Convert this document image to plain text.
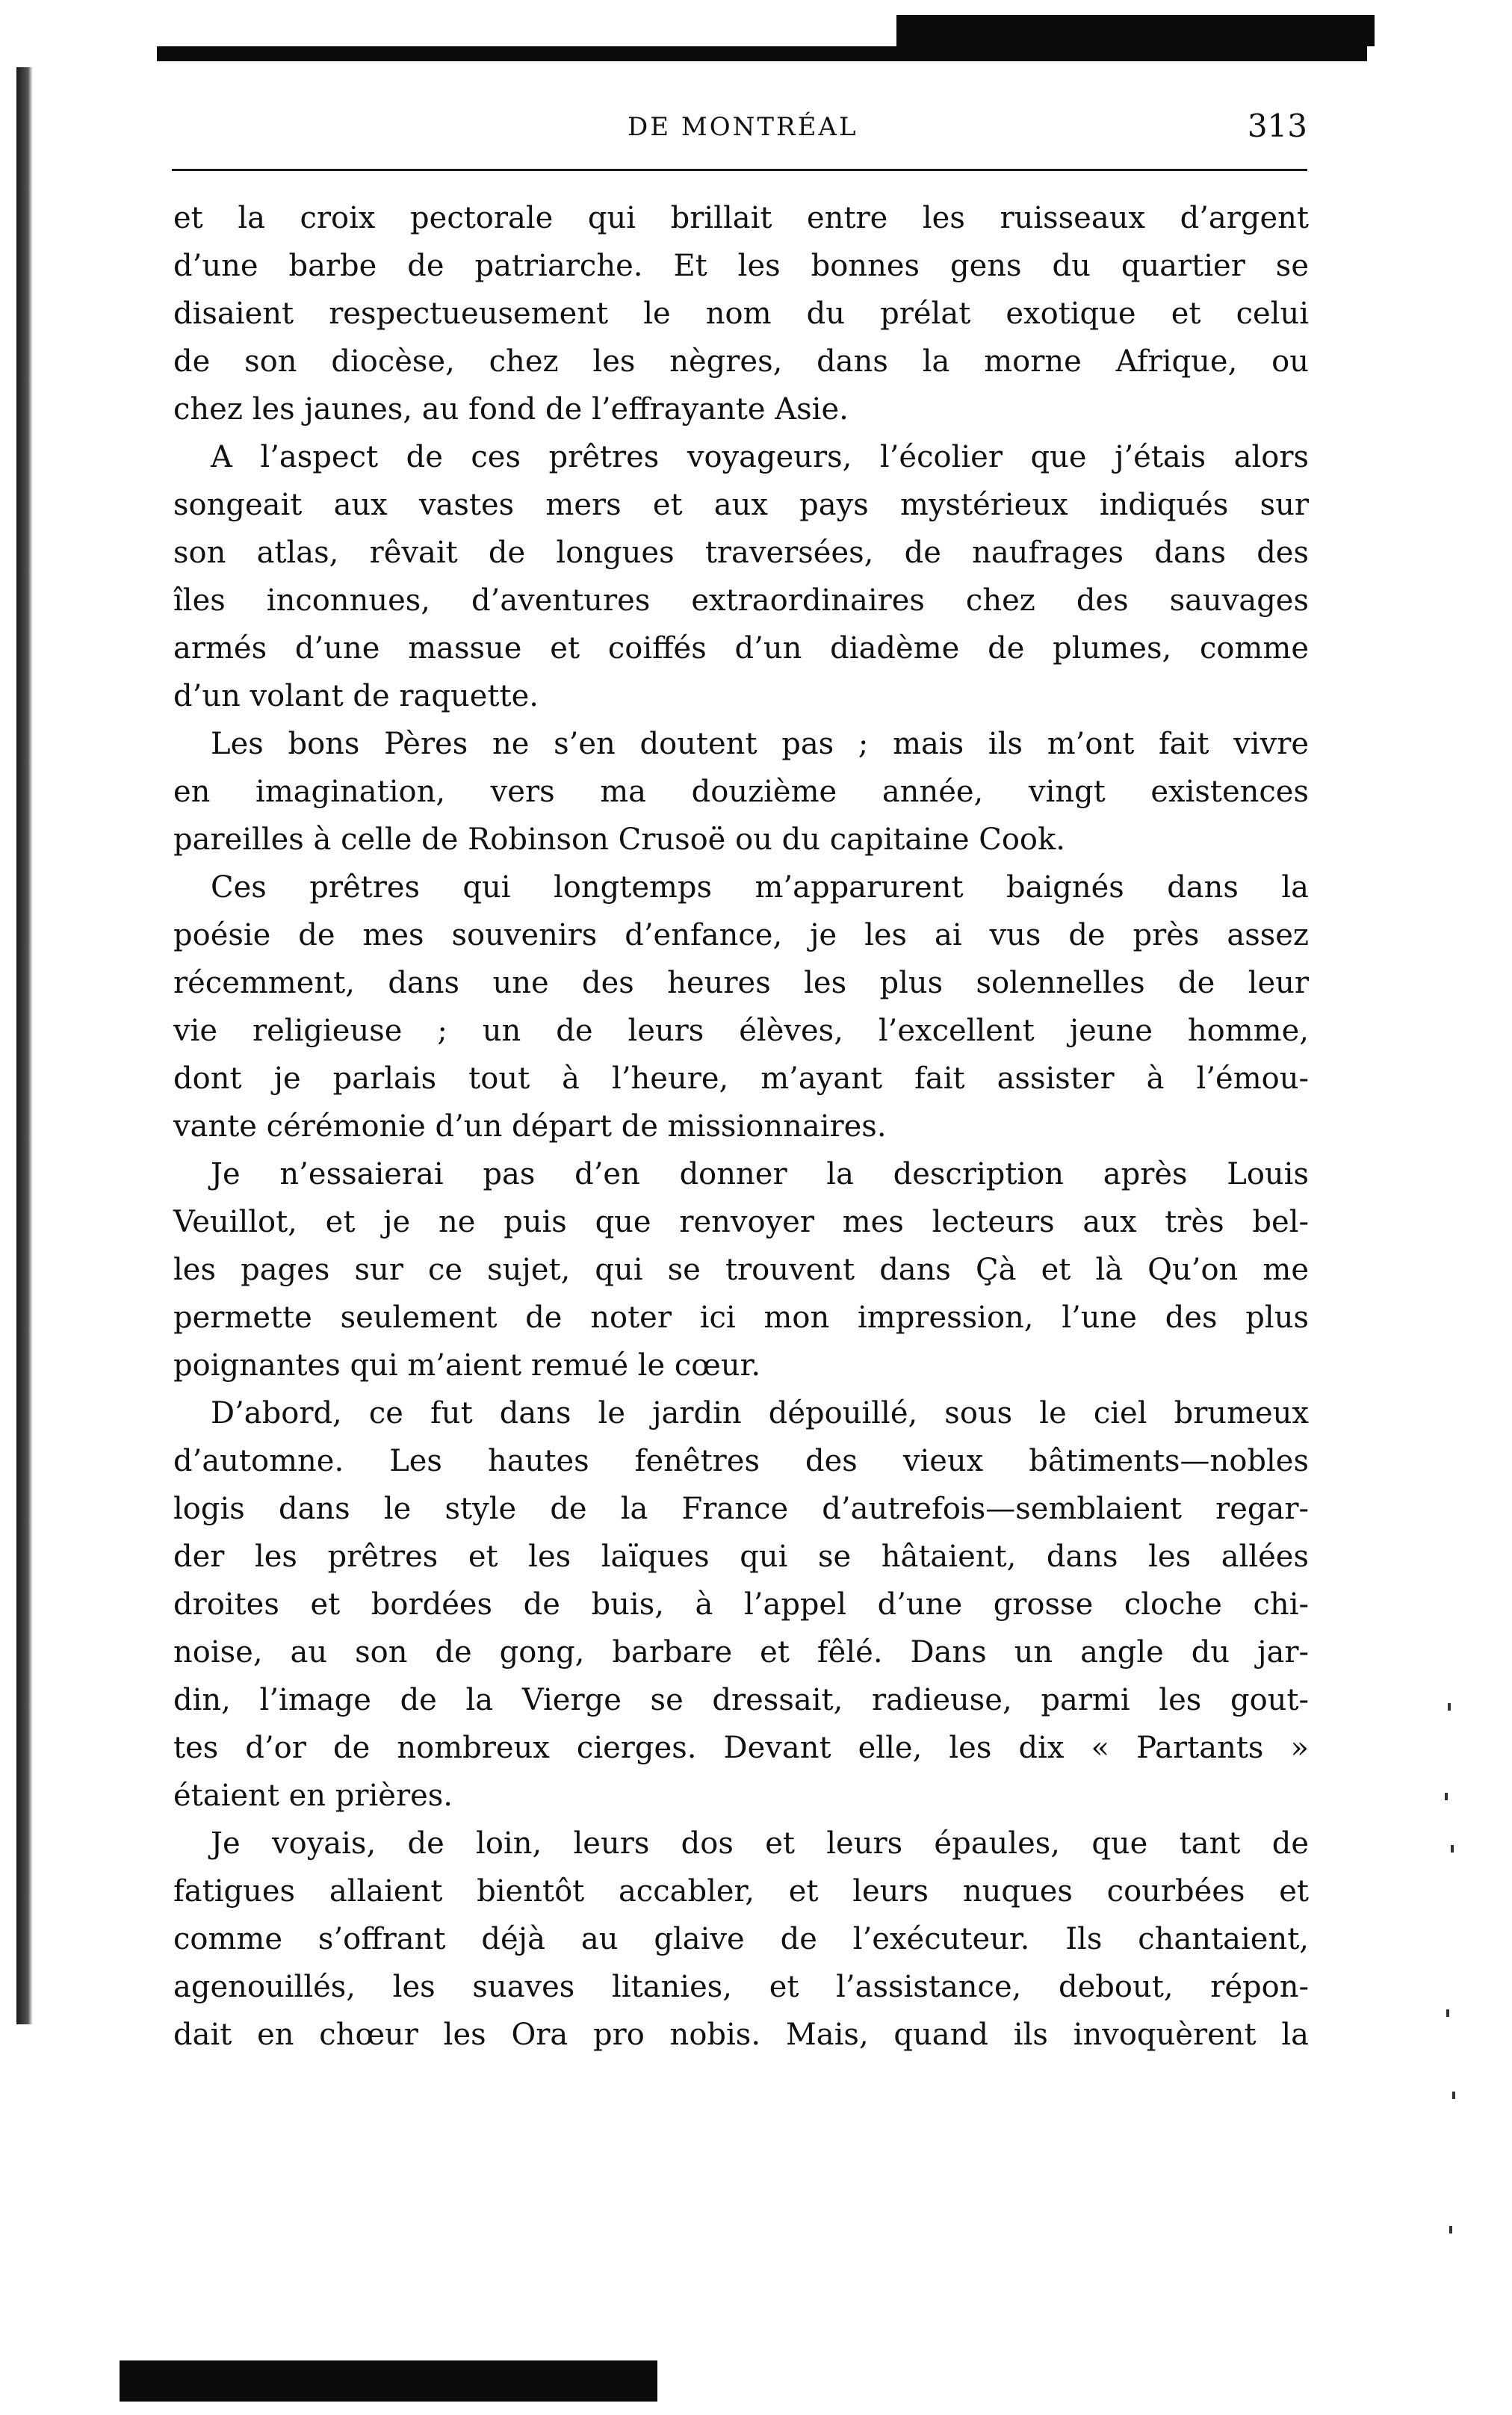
DE MONTRÉAL	313
et la croix pectorale qui brillait entre les ruisseaux d’argent
d’une barbe de patriarche. Et les bonnes gens du quartier se
disaient respectueusement le nom du prélat exotique et celui
de son diocèse, chez les nègres, dans la morne Afrique, ou
chez les jaunes, au fond de l’effrayante Asie.
A l’aspect de ces prêtres voyageurs, l’écolier que j’étais alors
songeait aux vastes mers et aux pays mystérieux indiqués sur
son atlas, rêvait de longues traversées, de naufrages dans des
îles inconnues, d’aventures extraordinaires chez des sauvages
armés d’une massue et coiffés d’un diadème de plumes, comme
d’un volant de raquette.
Les bons Pères ne s’en doutent pas ; mais ils m’ont fait vivre
en imagination, vers ma douzième année, vingt existences
pareilles à celle de Robinson Crusoë ou du capitaine Cook.
Ces prêtres qui longtemps m’apparurent baignés dans la
poésie de mes souvenirs d’enfance, je les ai vus de près assez
récemment, dans une des heures les plus solennelles de leur
vie religieuse ; un de leurs élèves, l’excellent jeune homme,
dont je parlais tout à l’heure, m’ayant fait assister à l’émou-
vante cérémonie d’un départ de missionnaires.
Je n’essaierai pas d’en donner la description après Louis
Veuillot, et je ne puis que renvoyer mes lecteurs aux très bel-
les pages sur ce sujet, qui se trouvent dans Çà et là Qu’on me
permette seulement de noter ici mon impression, l’une des plus
poignantes qui m’aient remué le cœur.
D’abord, ce fut dans le jardin dépouillé, sous le ciel brumeux
d’automne. Les hautes fenêtres des vieux bâtiments—nobles
logis dans le style de la France d’autrefois—semblaient regar-
der les prêtres et les laïques qui se hâtaient, dans les allées
droites et bordées de buis, à l’appel d’une grosse cloche chi-
noise, au son de gong, barbare et fêlé. Dans un angle du jar-
din, l’image de la Vierge se dressait, radieuse, parmi les gout-
tes d’or de nombreux cierges. Devant elle, les dix « Partants »
étaient en prières.
Je voyais, de loin, leurs dos et leurs épaules, que tant de
fatigues allaient bientôt accabler, et leurs nuques courbées et
comme s’offrant déjà au glaive de l’exécuteur. Ils chantaient,
agenouillés, les suaves litanies, et l’assistance, debout, répon-
dait en chœur les Ora pro nobis. Mais, quand ils invoquèrent la
